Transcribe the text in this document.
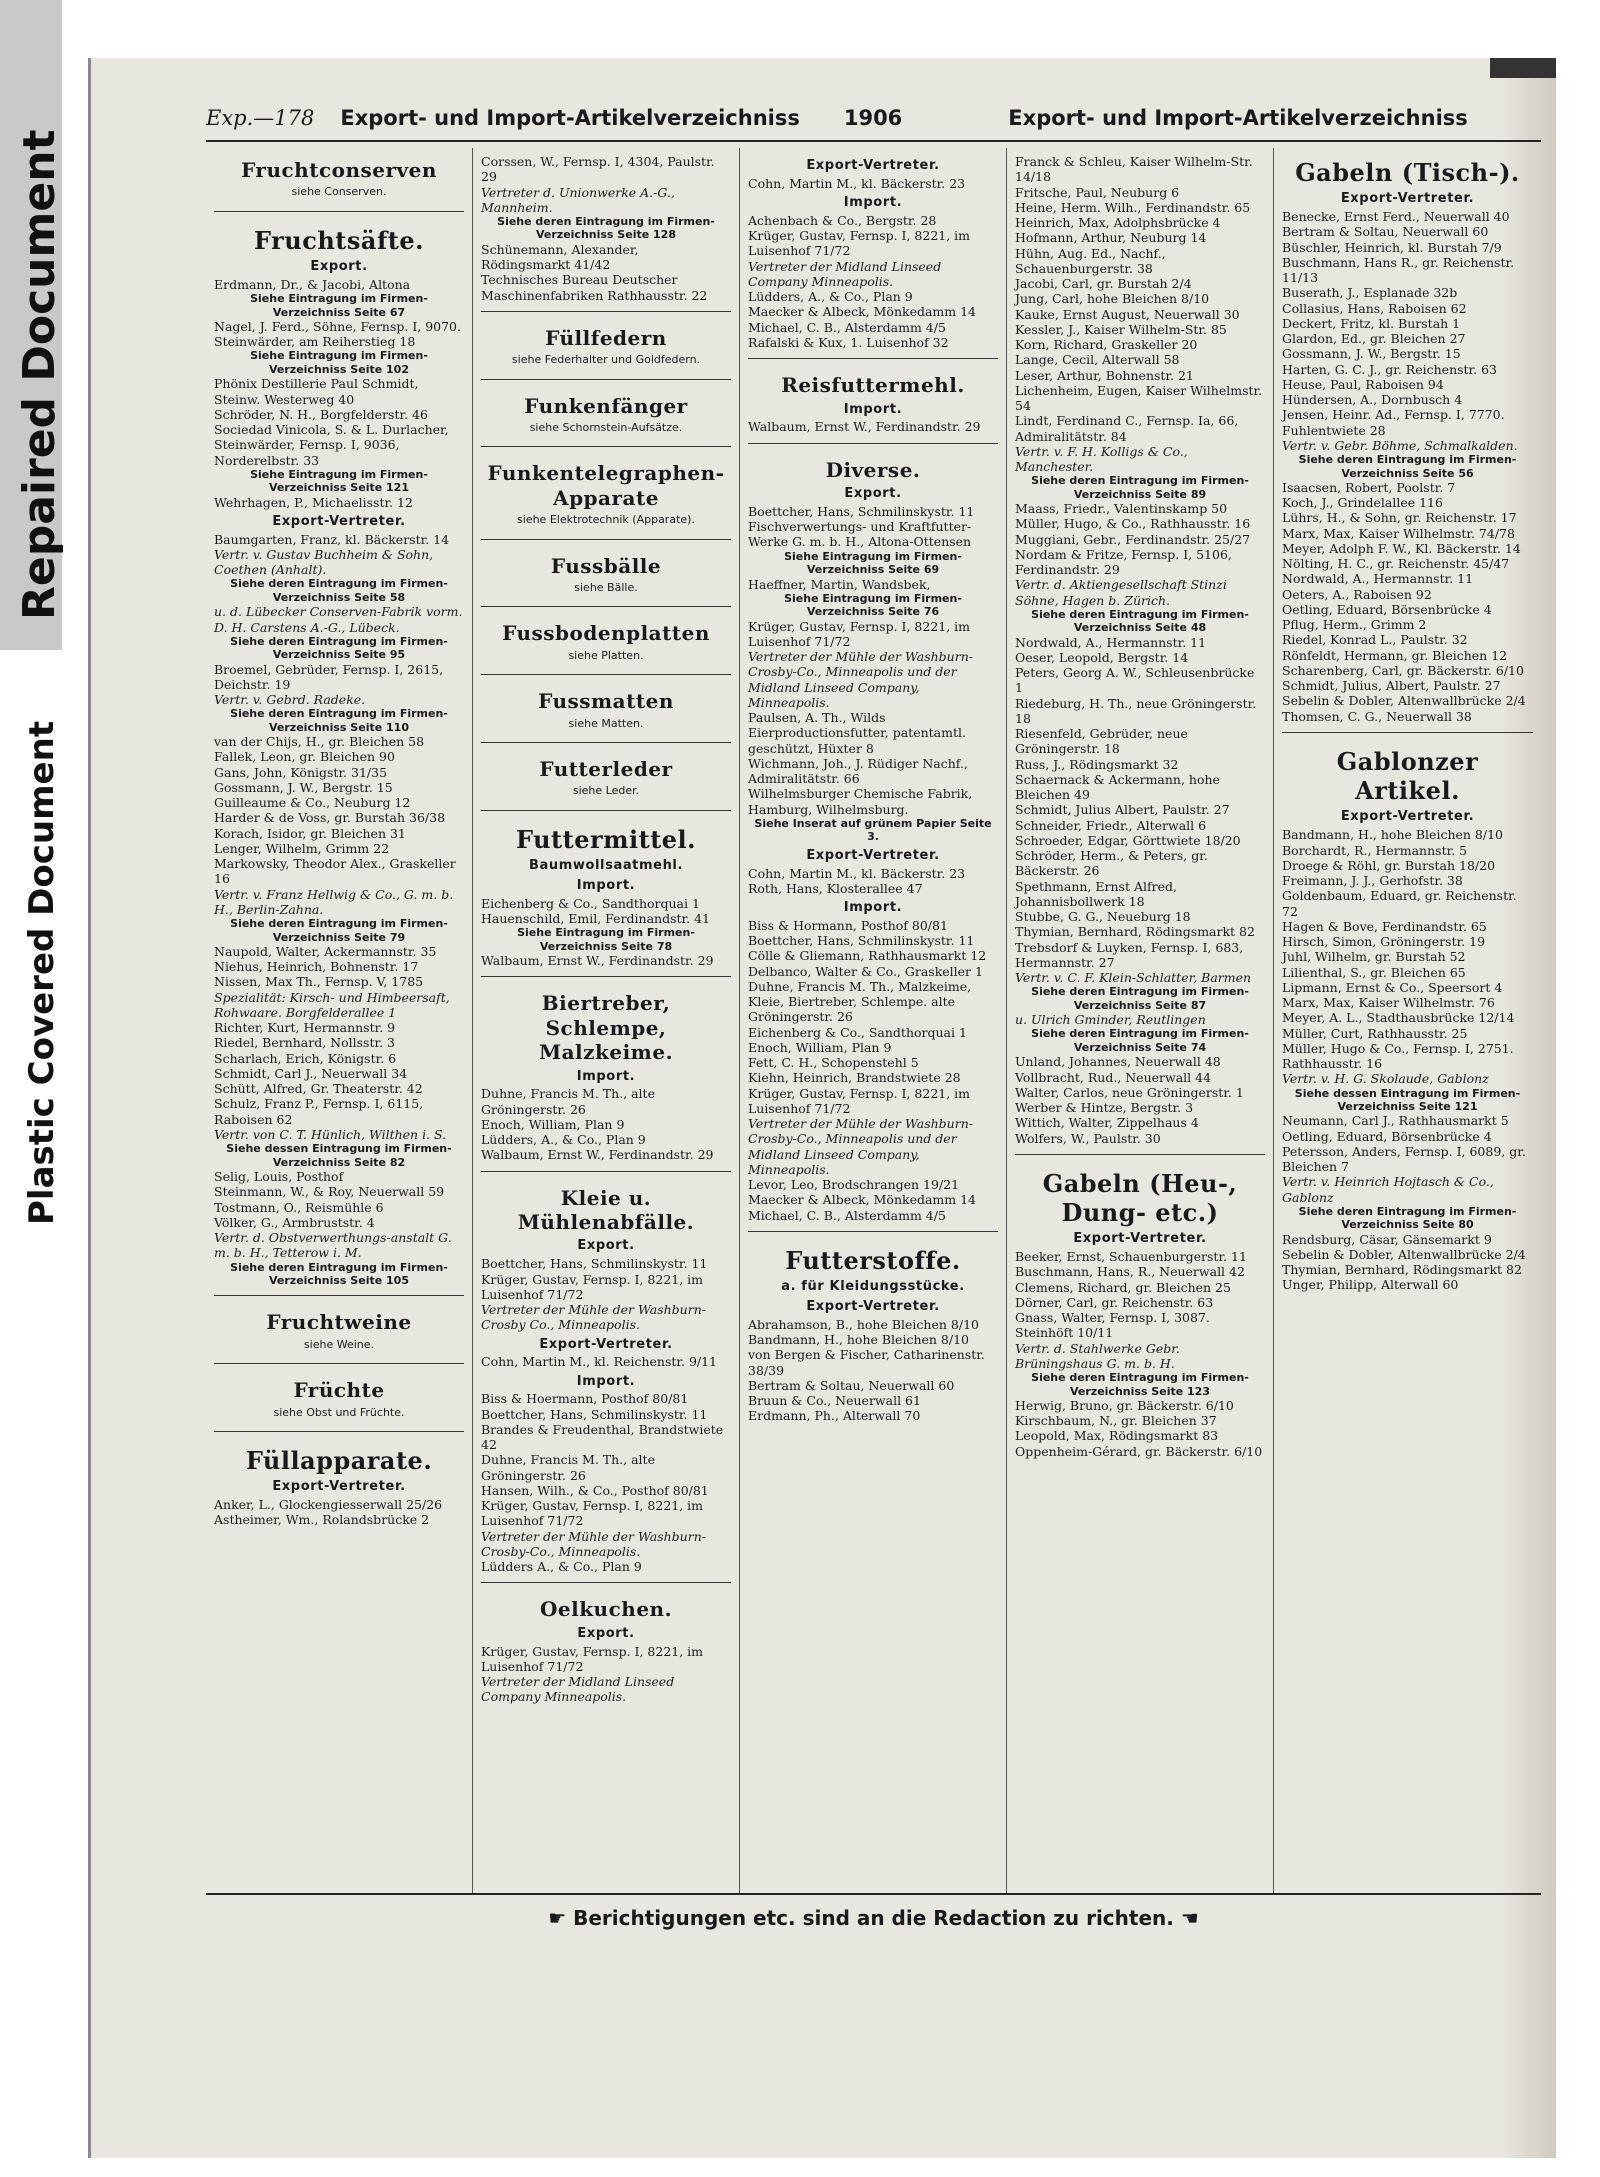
Repaired Document
Plastic Covered Document
Exp.—178 Export- und Import-Artikelverzeichniss 1906	Export- und Import-Artikelverzeichniss
Fruchtconserven
siehe Conserven.
Fruchtsäfte.
Export.
Erdmann, Dr., & Jacobi, Altona
Siehe Eintragung im Firmen-Verzeichniss Seite 67
Nagel, J. Ferd., Söhne, Fernsp. I, 9070. Steinwärder, am Reiherstieg 18
Siehe Eintragung im Firmen-Verzeichniss Seite 102
Phönix Destillerie Paul Schmidt, Steinw. Westerweg 40
Schröder, N. H., Borgfelderstr. 46
Sociedad Vinicola, S. & L. Durlacher, Steinwärder, Fernsp. I, 9036, Norderelbstr. 33
Siehe Eintragung im Firmen-Verzeichniss Seite 121
Wehrhagen, P., Michaelisstr. 12
Export-Vertreter.
Baumgarten, Franz, kl. Bäckerstr. 14
Vertr. v. Gustav Buchheim & Sohn, Coethen (Anhalt).
Siehe deren Eintragung im Firmen-Verzeichniss Seite 58
u. d. Lübecker Conserven-Fabrik vorm. D. H. Carstens A.-G., Lübeck.
Siehe deren Eintragung im Firmen-Verzeichniss Seite 95
Broemel, Gebrüder, Fernsp. I, 2615, Deichstr. 19
Vertr. v. Gebrd. Radeke.
Siehe deren Eintragung im Firmen-Verzeichniss Seite 110
van der Chijs, H., gr. Bleichen 58
Fallek, Leon, gr. Bleichen 90
Gans, John, Königstr. 31/35
Gossmann, J. W., Bergstr. 15
Guilleaume & Co., Neuburg 12
Harder & de Voss, gr. Burstah 36/38
Korach, Isidor, gr. Bleichen 31
Lenger, Wilhelm, Grimm 22
Markowsky, Theodor Alex., Graskeller 16
Vertr. v. Franz Hellwig & Co., G. m. b. H., Berlin-Zahna.
Siehe deren Eintragung im Firmen-Verzeichniss Seite 79
Naupold, Walter, Ackermannstr. 35
Niehus, Heinrich, Bohnenstr. 17
Nissen, Max Th., Fernsp. V, 1785
Spezialität: Kirsch- und Himbeersaft, Rohwaare. Borgfelderallee 1
Richter, Kurt, Hermannstr. 9
Riedel, Bernhard, Nollsstr. 3
Scharlach, Erich, Königstr. 6
Schmidt, Carl J., Neuerwall 34
Schütt, Alfred, Gr. Theaterstr. 42
Schulz, Franz P., Fernsp. I, 6115, Raboisen 62
Vertr. von C. T. Hünlich, Wilthen i. S.
Siehe dessen Eintragung im Firmen-Verzeichniss Seite 82
Selig, Louis, Posthof
Steinmann, W., & Roy, Neuerwall 59
Tostmann, O., Reismühle 6
Völker, G., Armbruststr. 4
Vertr. d. Obstverwerthungs-anstalt G. m. b. H., Tetterow i. M.
Siehe deren Eintragung im Firmen-Verzeichniss Seite 105
Fruchtweine
siehe Weine.
Früchte
siehe Obst und Früchte.
Füllapparate.
Export-Vertreter.
Anker, L., Glockengiesserwall 25/26
Astheimer, Wm., Rolandsbrücke 2
Corssen, W., Fernsp. I, 4304, Paulstr. 29
Vertreter d. Unionwerke A.-G., Mannheim.
Siehe deren Eintragung im Firmen-Verzeichniss Seite 128
Schünemann, Alexander, Rödingsmarkt 41/42
Technisches Bureau Deutscher Maschinenfabriken Rathhausstr. 22
Füllfedern
siehe Federhalter und Goldfedern.
Funkenfänger
siehe Schornstein-Aufsätze.
Funkentelegraphen-Apparate
siehe Elektrotechnik (Apparate).
Fussbälle
siehe Bälle.
Fussbodenplatten
siehe Platten.
Fussmatten
siehe Matten.
Futterleder
siehe Leder.
Futtermittel.
Baumwollsaatmehl.
Import.
Eichenberg & Co., Sandthorquai 1
Hauenschild, Emil, Ferdinandstr. 41
Siehe Eintragung im Firmen-Verzeichniss Seite 78
Walbaum, Ernst W., Ferdinandstr. 29
Biertreber, Schlempe, Malzkeime.
Import.
Duhne, Francis M. Th., alte Gröningerstr. 26
Enoch, William, Plan 9
Lüdders, A., & Co., Plan 9
Walbaum, Ernst W., Ferdinandstr. 29
Kleie u. Mühlenabfälle.
Export.
Boettcher, Hans, Schmilinskystr. 11
Krüger, Gustav, Fernsp. I, 8221, im Luisenhof 71/72
Vertreter der Mühle der Washburn-Crosby Co., Minneapolis.
Export-Vertreter.
Cohn, Martin M., kl. Reichenstr. 9/11
Import.
Biss & Hoermann, Posthof 80/81
Boettcher, Hans, Schmilinskystr. 11
Brandes & Freudenthal, Brandstwiete 42
Duhne, Francis M. Th., alte Gröningerstr. 26
Hansen, Wilh., & Co., Posthof 80/81
Krüger, Gustav, Fernsp. I, 8221, im Luisenhof 71/72
Vertreter der Mühle der Washburn-Crosby-Co., Minneapolis.
Lüdders A., & Co., Plan 9
Oelkuchen.
Export.
Krüger, Gustav, Fernsp. I, 8221, im Luisenhof 71/72
Vertreter der Midland Linseed Company Minneapolis.
Export-Vertreter.
Cohn, Martin M., kl. Bäckerstr. 23
Import.
Achenbach & Co., Bergstr. 28
Krüger, Gustav, Fernsp. I, 8221, im Luisenhof 71/72
Vertreter der Midland Linseed Company Minneapolis.
Lüdders, A., & Co., Plan 9
Maecker & Albeck, Mönkedamm 14
Michael, C. B., Alsterdamm 4/5
Rafalski & Kux, 1. Luisenhof 32
Reisfuttermehl.
Import.
Walbaum, Ernst W., Ferdinandstr. 29
Diverse.
Export.
Boettcher, Hans, Schmilinskystr. 11
Fischverwertungs- und Kraftfutter-Werke G. m. b. H., Altona-Ottensen
Siehe Eintragung im Firmen-Verzeichniss Seite 69
Haeffner, Martin, Wandsbek,
Siehe Eintragung im Firmen-Verzeichniss Seite 76
Krüger, Gustav, Fernsp. I, 8221, im Luisenhof 71/72
Vertreter der Mühle der Washburn-Crosby-Co., Minneapolis und der Midland Linseed Company, Minneapolis.
Paulsen, A. Th., Wilds Eierproductionsfutter, patentamtl. geschützt, Hüxter 8
Wichmann, Joh., J. Rüdiger Nachf., Admiralitätstr. 66
Wilhelmsburger Chemische Fabrik, Hamburg, Wilhelmsburg.
Siehe Inserat auf grünem Papier Seite 3.
Export-Vertreter.
Cohn, Martin M., kl. Bäckerstr. 23
Roth, Hans, Klosterallee 47
Import.
Biss & Hormann, Posthof 80/81
Boettcher, Hans, Schmilinskystr. 11
Cölle & Gliemann, Rathhausmarkt 12
Delbanco, Walter & Co., Graskeller 1
Duhne, Francis M. Th., Malzkeime, Kleie, Biertreber, Schlempe. alte Gröningerstr. 26
Eichenberg & Co., Sandthorquai 1
Enoch, William, Plan 9
Fett, C. H., Schopenstehl 5
Kiehn, Heinrich, Brandstwiete 28
Krüger, Gustav, Fernsp. I, 8221, im Luisenhof 71/72
Vertreter der Mühle der Washburn-Crosby-Co., Minneapolis und der Midland Linseed Company, Minneapolis.
Levor, Leo, Brodschrangen 19/21
Maecker & Albeck, Mönkedamm 14
Michael, C. B., Alsterdamm 4/5
Futterstoffe.
a. für Kleidungsstücke.
Export-Vertreter.
Abrahamson, B., hohe Bleichen 8/10
Bandmann, H., hohe Bleichen 8/10
von Bergen & Fischer, Catharinenstr. 38/39
Bertram & Soltau, Neuerwall 60
Bruun & Co., Neuerwall 61
Erdmann, Ph., Alterwall 70
Franck & Schleu, Kaiser Wilhelm-Str. 14/18
Fritsche, Paul, Neuburg 6
Heine, Herm. Wilh., Ferdinandstr. 65
Heinrich, Max, Adolphsbrücke 4
Hofmann, Arthur, Neuburg 14
Hühn, Aug. Ed., Nachf., Schauenburgerstr. 38
Jacobi, Carl, gr. Burstah 2/4
Jung, Carl, hohe Bleichen 8/10
Kauke, Ernst August, Neuerwall 30
Kessler, J., Kaiser Wilhelm-Str. 85
Korn, Richard, Graskeller 20
Lange, Cecil, Alterwall 58
Leser, Arthur, Bohnenstr. 21
Lichenheim, Eugen, Kaiser Wilhelmstr. 54
Lindt, Ferdinand C., Fernsp. Ia, 66, Admiralitätstr. 84
Vertr. v. F. H. Kolligs & Co., Manchester.
Siehe deren Eintragung im Firmen-Verzeichniss Seite 89
Maass, Friedr., Valentinskamp 50
Müller, Hugo, & Co., Rathhausstr. 16
Muggiani, Gebr., Ferdinandstr. 25/27
Nordam & Fritze, Fernsp. I, 5106, Ferdinandstr. 29
Vertr. d. Aktiengesellschaft Stinzi Söhne, Hagen b. Zürich.
Siehe deren Eintragung im Firmen-Verzeichniss Seite 48
Nordwald, A., Hermannstr. 11
Oeser, Leopold, Bergstr. 14
Peters, Georg A. W., Schleusenbrücke 1
Riedeburg, H. Th., neue Gröningerstr. 18
Riesenfeld, Gebrüder, neue Gröningerstr. 18
Russ, J., Rödingsmarkt 32
Schaernack & Ackermann, hohe Bleichen 49
Schmidt, Julius Albert, Paulstr. 27
Schneider, Friedr., Alterwall 6
Schroeder, Edgar, Görttwiete 18/20
Schröder, Herm., & Peters, gr. Bäckerstr. 26
Spethmann, Ernst Alfred, Johannisbollwerk 18
Stubbe, G. G., Neueburg 18
Thymian, Bernhard, Rödingsmarkt 82
Trebsdorf & Luyken, Fernsp. I, 683, Hermannstr. 27
Vertr. v. C. F. Klein-Schlatter, Barmen
Siehe deren Eintragung im Firmen-Verzeichniss Seite 87
u. Ulrich Gminder, Reutlingen
Siehe deren Eintragung im Firmen-Verzeichniss Seite 74
Unland, Johannes, Neuerwall 48
Vollbracht, Rud., Neuerwall 44
Walter, Carlos, neue Gröningerstr. 1
Werber & Hintze, Bergstr. 3
Wittich, Walter, Zippelhaus 4
Wolfers, W., Paulstr. 30
Gabeln (Heu-, Dung- etc.)
Export-Vertreter.
Beeker, Ernst, Schauenburgerstr. 11
Buschmann, Hans, R., Neuerwall 42
Clemens, Richard, gr. Bleichen 25
Dörner, Carl, gr. Reichenstr. 63
Gnass, Walter, Fernsp. I, 3087. Steinhöft 10/11
Vertr. d. Stahlwerke Gebr. Brüningshaus G. m. b. H.
Siehe deren Eintragung im Firmen-Verzeichniss Seite 123
Herwig, Bruno, gr. Bäckerstr. 6/10
Kirschbaum, N., gr. Bleichen 37
Leopold, Max, Rödingsmarkt 83
Oppenheim-Gérard, gr. Bäckerstr. 6/10
Gabeln (Tisch-).
Export-Vertreter.
Benecke, Ernst Ferd., Neuerwall 40
Bertram & Soltau, Neuerwall 60
Büschler, Heinrich, kl. Burstah 7/9
Buschmann, Hans R., gr. Reichenstr. 11/13
Buserath, J., Esplanade 32b
Collasius, Hans, Raboisen 62
Deckert, Fritz, kl. Burstah 1
Glardon, Ed., gr. Bleichen 27
Gossmann, J. W., Bergstr. 15
Harten, G. C. J., gr. Reichenstr. 63
Heuse, Paul, Raboisen 94
Hündersen, A., Dornbusch 4
Jensen, Heinr. Ad., Fernsp. I, 7770. Fuhlentwiete 28
Vertr. v. Gebr. Böhme, Schmalkalden.
Siehe deren Eintragung im Firmen-Verzeichniss Seite 56
Isaacsen, Robert, Poolstr. 7
Koch, J., Grindelallee 116
Lührs, H., & Sohn, gr. Reichenstr. 17
Marx, Max, Kaiser Wilhelmstr. 74/78
Meyer, Adolph F. W., Kl. Bäckerstr. 14
Nölting, H. C., gr. Reichenstr. 45/47
Nordwald, A., Hermannstr. 11
Oeters, A., Raboisen 92
Oetling, Eduard, Börsenbrücke 4
Pflug, Herm., Grimm 2
Riedel, Konrad L., Paulstr. 32
Rönfeldt, Hermann, gr. Bleichen 12
Scharenberg, Carl, gr. Bäckerstr. 6/10
Schmidt, Julius, Albert, Paulstr. 27
Sebelin & Dobler, Altenwallbrücke 2/4
Thomsen, C. G., Neuerwall 38
Gablonzer Artikel.
Export-Vertreter.
Bandmann, H., hohe Bleichen 8/10
Borchardt, R., Hermannstr. 5
Droege & Röhl, gr. Burstah 18/20
Freimann, J. J., Gerhofstr. 38
Goldenbaum, Eduard, gr. Reichenstr. 72
Hagen & Bove, Ferdinandstr. 65
Hirsch, Simon, Gröningerstr. 19
Juhl, Wilhelm, gr. Burstah 52
Lilienthal, S., gr. Bleichen 65
Lipmann, Ernst & Co., Speersort 4
Marx, Max, Kaiser Wilhelmstr. 76
Meyer, A. L., Stadthausbrücke 12/14
Müller, Curt, Rathhausstr. 25
Müller, Hugo & Co., Fernsp. I, 2751. Rathhausstr. 16
Vertr. v. H. G. Skolaude, Gablonz
Siehe dessen Eintragung im Firmen-Verzeichniss Seite 121
Neumann, Carl J., Rathhausmarkt 5
Oetling, Eduard, Börsenbrücke 4
Petersson, Anders, Fernsp. I, 6089, gr. Bleichen 7
Vertr. v. Heinrich Hojtasch & Co., Gablonz
Siehe deren Eintragung im Firmen-Verzeichniss Seite 80
Rendsburg, Cäsar, Gänsemarkt 9
Sebelin & Dobler, Altenwallbrücke 2/4
Thymian, Bernhard, Rödingsmarkt 82
Unger, Philipp, Alterwall 60
☛ Berichtigungen etc. sind an die Redaction zu richten. ☚
